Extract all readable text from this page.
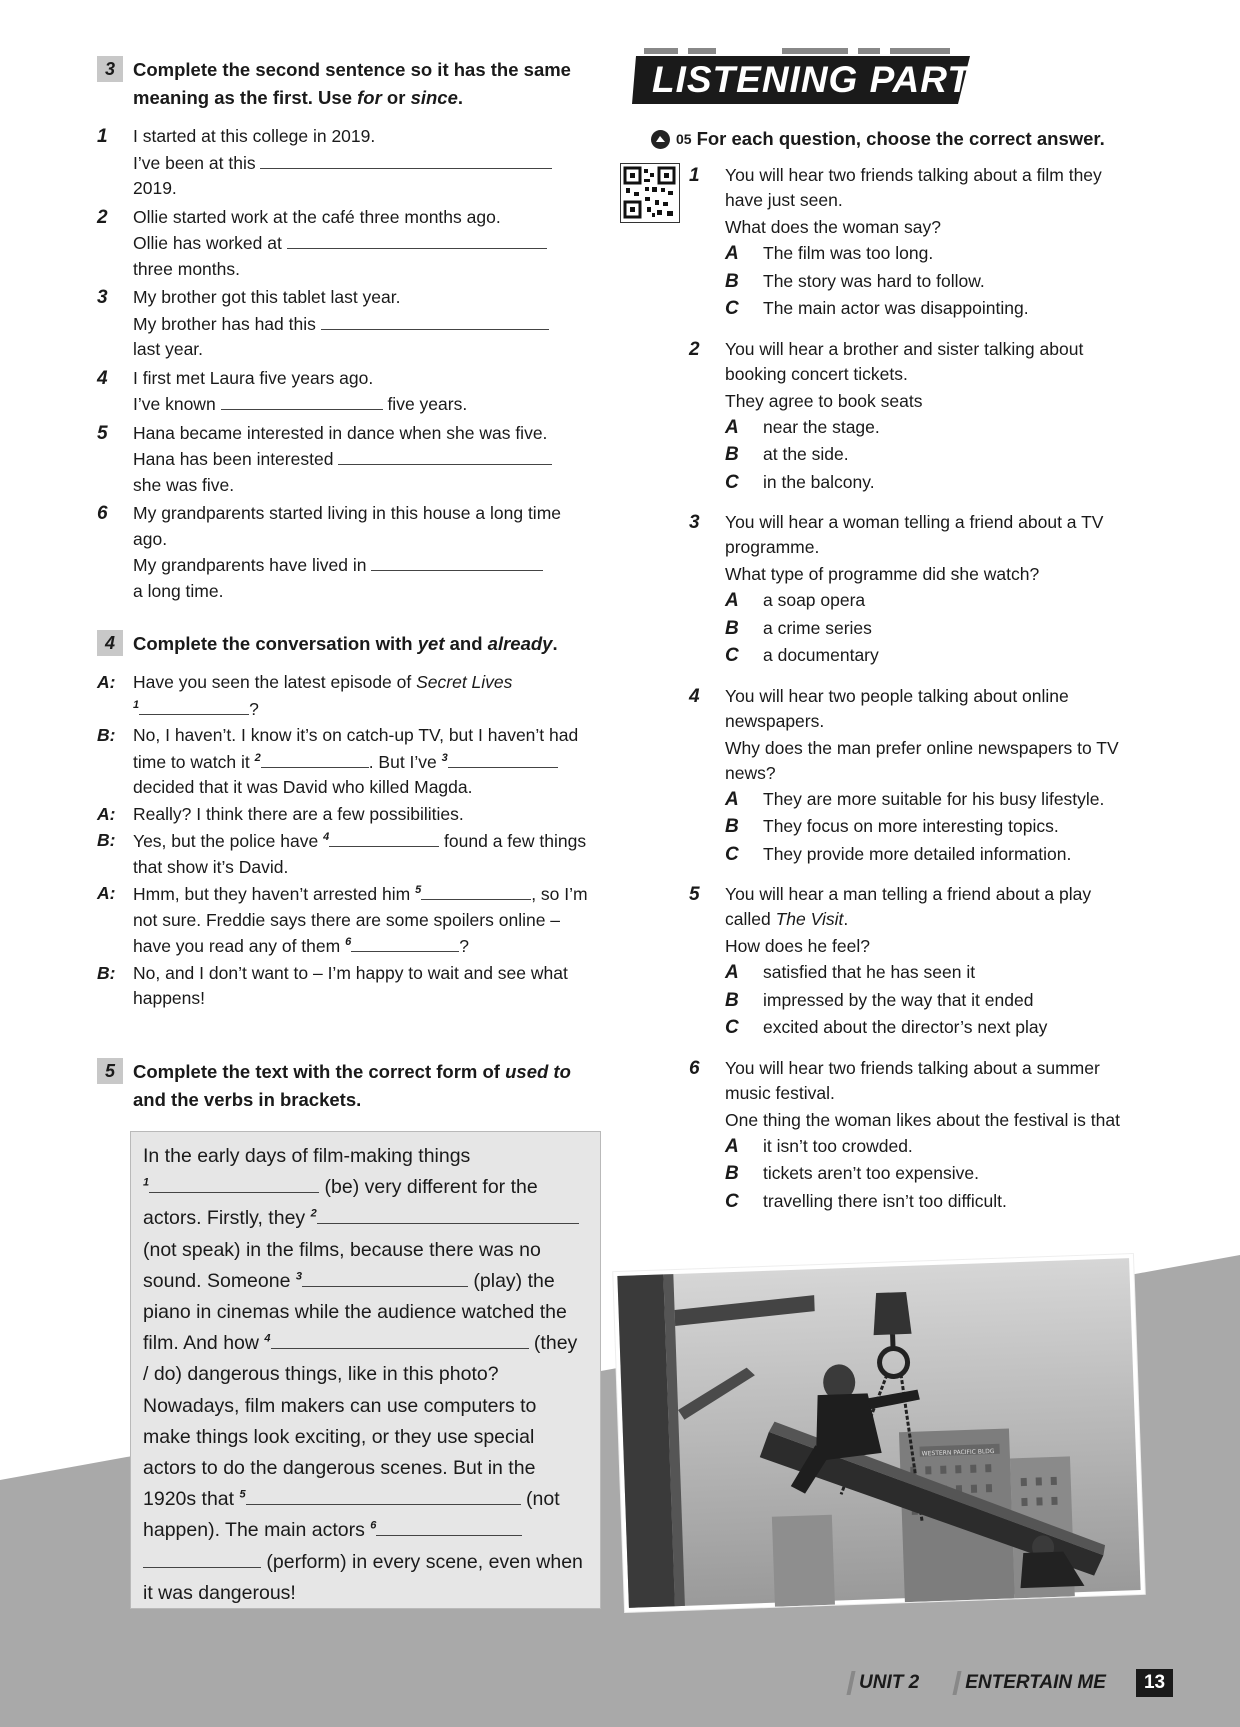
3 Complete the second sentence so it has the same meaning as the first. Use for or since.
1	I started at this college in 2019.
I’ve been at this
2019.
2	Ollie started work at the café three months ago.
Ollie has worked at
three months.
3	My brother got this tablet last year.
My brother has had this
last year.
4	I first met Laura five years ago.
I’ve known	five years.
5	Hana became interested in dance when she was five.
Hana has been interested
she was five.
6	My grandparents started living in this house a long time ago.
My grandparents have lived in
a long time.
4 Complete the conversation with yet and already.
A:	Have you seen the latest episode of Secret Lives
$^1$	?
B:	No, I haven’t. I know it’s on catch-up TV, but I haven’t had time to watch it $^2$	. But I’ve $^3$ decided that it was David who killed Magda.
A:	Really? I think there are a few possibilities.
B:	Yes, but the police have $^4$	found a few things that show it’s David.
A:	Hmm, but they haven’t arrested him $^5$	, so I’m not sure. Freddie says there are some spoilers online – have you read any of them $^6$	?
B:	No, and I don’t want to – I’m happy to wait and see what happens!
5 Complete the text with the correct form of used to and the verbs in brackets.
In the early days of film-making things
$^1$	(be) very different for the actors. Firstly, they $^2$ (not speak) in the films, because there was no sound. Someone $^3$	(play) the piano in cinemas while the audience watched the film. And how $^4$	(they / do) dangerous things, like in this photo? Nowadays, film makers can use computers to make things look exciting, or they use special actors to do the dangerous scenes. But in the 1920s that $^5$	(not happen). The main actors $^6$ (perform) in every scene, even when it was dangerous!
LISTENING PART 2
05 For each question, choose the correct answer.
1	You will hear two friends talking about a film they have just seen.
What does the woman say?
A	The film was too long.
B	The story was hard to follow.
C	The main actor was disappointing.
2	You will hear a brother and sister talking about booking concert tickets.
They agree to book seats
A	near the stage.
B	at the side.
C	in the balcony.
3	You will hear a woman telling a friend about a TV programme.
What type of programme did she watch?
A	a soap opera
B	a crime series
C	a documentary
4	You will hear two people talking about online newspapers.
Why does the man prefer online newspapers to TV news?
A	They are more suitable for his busy lifestyle.
B	They focus on more interesting topics.
C	They provide more detailed information.
5	You will hear a man telling a friend about a play called The Visit.
How does he feel?
A	satisfied that he has seen it
B	impressed by the way that it ended
C	excited about the director’s next play
6	You will hear two friends talking about a summer music festival.
One thing the woman likes about the festival is that
A	it isn’t too crowded.
B	tickets aren’t too expensive.
C	travelling there isn’t too difficult.
WESTERN PACIFIC BLDG
UNIT 2 ENTERTAIN ME	13
